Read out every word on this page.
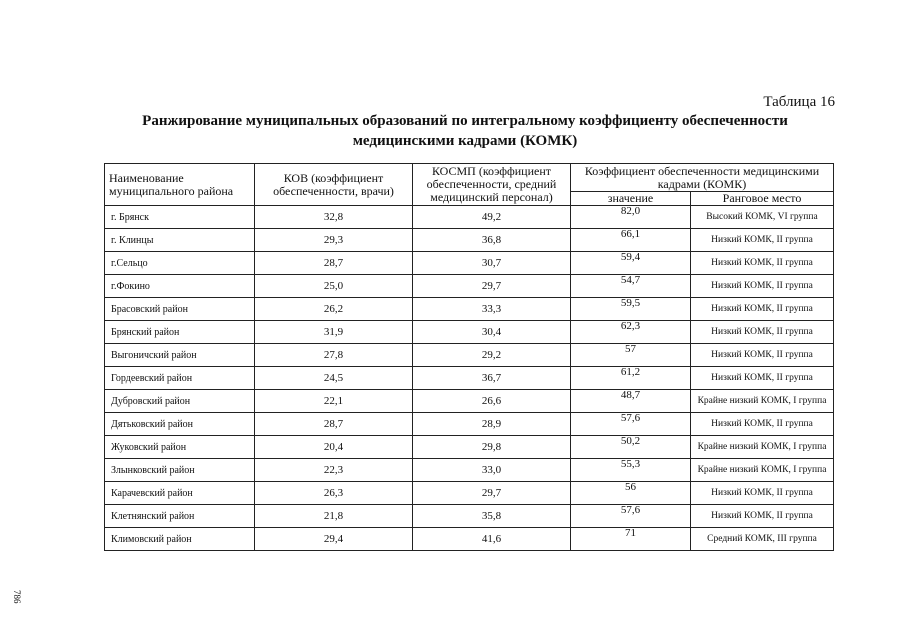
Таблица 16
Ранжирование муниципальных образований по интегральному коэффициенту обеспеченности медицинскими кадрами (КОМК)
Наименование муниципального района	КОВ (коэффициент обеспеченности, врачи)	КОСМП (коэффициент обеспеченности, средний медицинский персонал)	Коэффициент обеспеченности медицинскими кадрами (КОМК)	
			значение	Ранговое место
г. Брянск	32,8	49,2	82,0	Высокий КОМК, VI группа
г. Клинцы	29,3	36,8	66,1	Низкий КОМК, II группа
г.Сельцо	28,7	30,7	59,4	Низкий КОМК, II группа
г.Фокино	25,0	29,7	54,7	Низкий КОМК, II группа
Брасовский район	26,2	33,3	59,5	Низкий КОМК, II группа
Брянский район	31,9	30,4	62,3	Низкий КОМК, II группа
Выгоничский район	27,8	29,2	57	Низкий КОМК, II группа
Гордеевский район	24,5	36,7	61,2	Низкий КОМК, II группа
Дубровский район	22,1	26,6	48,7	Крайне низкий КОМК, I группа
Дятьковский район	28,7	28,9	57,6	Низкий КОМК, II группа
Жуковский район	20,4	29,8	50,2	Крайне низкий КОМК, I группа
Злынковский район	22,3	33,0	55,3	Крайне низкий КОМК, I группа
Карачевский район	26,3	29,7	56	Низкий КОМК, II группа
Клетнянский район	21,8	35,8	57,6	Низкий КОМК, II группа
Климовский район	29,4	41,6	71	Средний КОМК, III группа
786
